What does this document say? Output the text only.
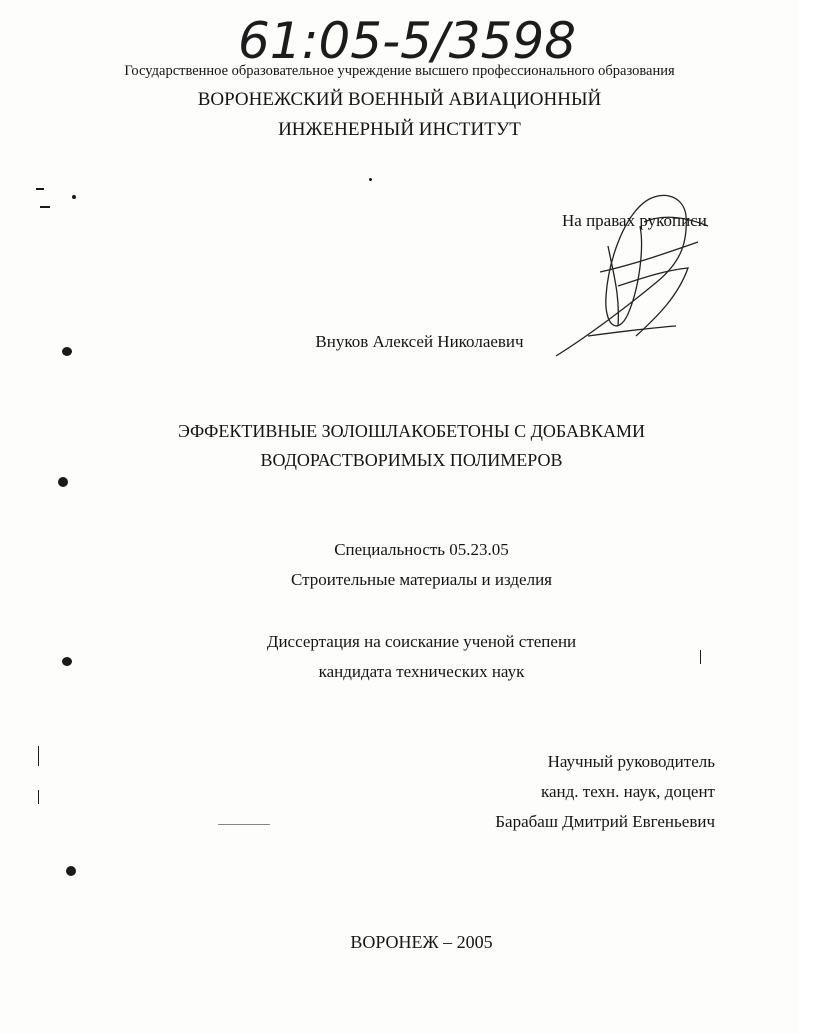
61:05-5/3598
Государственное образовательное учреждение высшего профессионального образования
ВОРОНЕЖСКИЙ ВОЕННЫЙ АВИАЦИОННЫЙ
ИНЖЕНЕРНЫЙ ИНСТИТУТ
На правах рукописи
Внуков Алексей Николаевич
ЭФФЕКТИВНЫЕ ЗОЛОШЛАКОБЕТОНЫ С ДОБАВКАМИ
ВОДОРАСТВОРИМЫХ ПОЛИМЕРОВ
Специальность 05.23.05
Строительные материалы и изделия
Диссертация на соискание ученой степени
кандидата технических наук
Научный руководитель
канд. техн. наук, доцент
Барабаш Дмитрий Евгеньевич
ВОРОНЕЖ – 2005
